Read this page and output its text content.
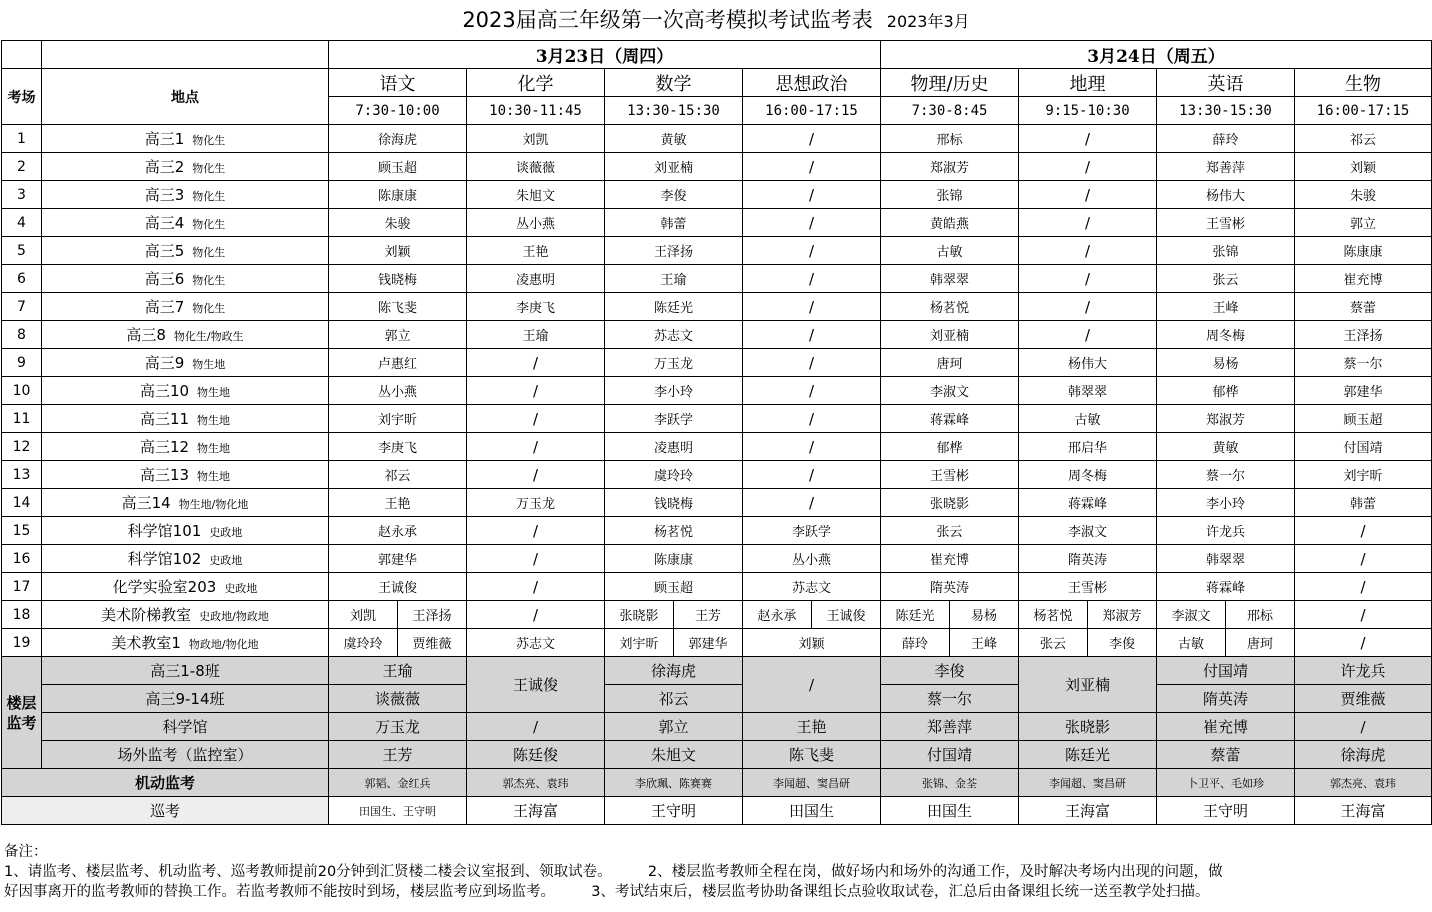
2023届高三年级第一次高考模拟考试监考表 2023年3月
		3月23日（周四）							3月24日（周五）						
考场	地点	语文		化学	数学		思想政治		物理/历史		地理		英语		生物
		7:30-10:00		10:30-11:45	13:30-15:30		16:00-17:15		7:30-8:45		9:15-10:30		13:30-15:30		16:00-17:15
1	高三1 物化生	徐海虎		刘凯	黄敏		/		邢标		/		薛玲		祁云
2	高三2 物化生	顾玉超		谈薇薇	刘亚楠		/		郑淑芳		/		郑善萍		刘颖
3	高三3 物化生	陈康康		朱旭文	李俊		/		张锦		/		杨伟大		朱骏
4	高三4 物化生	朱骏		丛小燕	韩蕾		/		黄皓燕		/		王雪彬		郭立
5	高三5 物化生	刘颖		王艳	王泽扬		/		古敏		/		张锦		陈康康
6	高三6 物化生	钱晓梅		凌惠明	王瑜		/		韩翠翠		/		张云		崔充博
7	高三7 物化生	陈飞斐		李庚飞	陈廷光		/		杨茗悦		/		王峰		蔡蕾
8	高三8 物化生/物政生	郭立		王瑜	苏志文		/		刘亚楠		/		周冬梅		王泽扬
9	高三9 物生地	卢惠红		/	万玉龙		/		唐珂		杨伟大		易杨		蔡一尔
10	高三10 物生地	丛小燕		/	李小玲		/		李淑文		韩翠翠		郁桦		郭建华
11	高三11 物生地	刘宇昕		/	李跃学		/		蒋霖峰		古敏		郑淑芳		顾玉超
12	高三12 物生地	李庚飞		/	凌惠明		/		郁桦		邢启华		黄敏		付国靖
13	高三13 物生地	祁云		/	虞玲玲		/		王雪彬		周冬梅		蔡一尔		刘宇昕
14	高三14 物生地/物化地	王艳		万玉龙	钱晓梅		/		张晓影		蒋霖峰		李小玲		韩蕾
15	科学馆101 史政地	赵永承		/	杨茗悦		李跃学		张云		李淑文		许龙兵		/
16	科学馆102 史政地	郭建华		/	陈康康		丛小燕		崔充博		隋英涛		韩翠翠		/
17	化学实验室203 史政地	王诚俊		/	顾玉超		苏志文		隋英涛		王雪彬		蒋霖峰		/
18	美术阶梯教室 史政地/物政地	刘凯	王泽扬	/	张晓影	王芳	赵永承	王诚俊	陈廷光	易杨	杨茗悦	郑淑芳	李淑文	邢标	/
19	美术教室1 物政地/物化地	虞玲玲	贾维薇	苏志文	刘宇昕	郭建华	刘颖		薛玲	王峰	张云	李俊	古敏	唐珂	/
楼层
监考	高三1-8班	王瑜		王诚俊	徐海虎		/		李俊		刘亚楠		付国靖		许龙兵
	高三9-14班	谈薇薇			祁云				蔡一尔				隋英涛		贾维薇
	科学馆	万玉龙		/	郭立		王艳		郑善萍		张晓影		崔充博		/
	场外监考（监控室）	王芳		陈廷俊	朱旭文		陈飞斐		付国靖		陈廷光		蔡蕾		徐海虎
机动监考		郭韬、金红兵		郭杰亮、袁玮	李欣珮、陈赛赛		李闻超、窦昌研		张锦、金荃		李闻超、窦昌研		卜卫平、毛如珍		郭杰亮、袁玮
巡考		田国生、王守明		王海富	王守明		田国生		田国生		王海富		王守明		王海富
备注：
1、请监考、楼层监考、机动监考、巡考教师提前20分钟到汇贤楼二楼会议室报到、领取试卷。　　　2、楼层监考教师全程在岗，做好场内和场外的沟通工作，及时解决考场内出现的问题，做
好因事离开的监考教师的替换工作。若监考教师不能按时到场，楼层监考应到场监考。　　　3、考试结束后，楼层监考协助备课组长点验收取试卷，汇总后由备课组长统一送至教学处扫描。
